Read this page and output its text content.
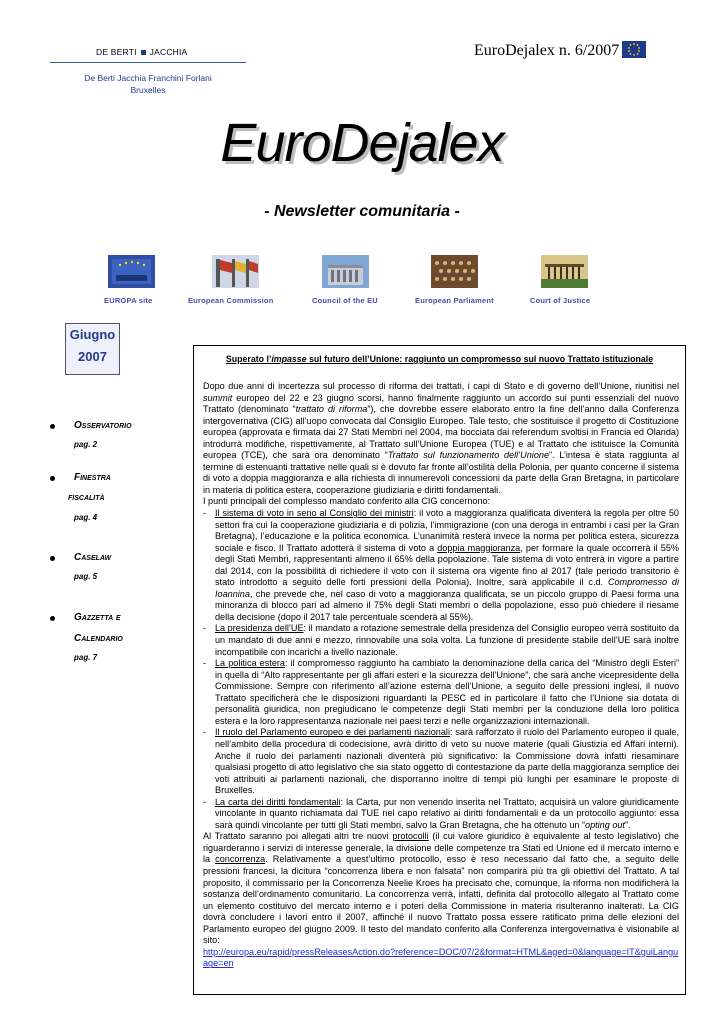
DE BERTI JACCHIA
De Berti Jacchia Franchini Forlani
Bruxelles
EuroDejalex n. 6/2007
EuroDejalex
- Newsletter comunitaria -
EUROPA site	European Commission	Council of the EU	European Parliament	Court of Justice
Giugno
2007
Osservatorio
pag. 2
Finestra
fiscalità
pag. 4
Caselaw
pag. 5
Gazzetta e
Calendario
pag. 7
Superato l’impasse sul futuro dell’Unione: raggiunto un compromesso sul nuovo Trattato istituzionale

Dopo due anni di incertezza sul processo di riforma dei trattati, i capi di Stato e di governo dell’Unione, riunitisi nel summit europeo del 22 e 23 giugno scorsi, hanno finalmente raggiunto un accordo sui punti essenziali del nuovo Trattato (denominato “trattato di riforma”), che dovrebbe essere elaborato entro la fine dell’anno dalla Conferenza intergovernativa (CIG) all’uopo convocata dal Consiglio Europeo. Tale testo, che sostituisce il progetto di Costituzione europea (approvata e firmata dai 27 Stati Membri nel 2004, ma bocciata dai referendum svoltisi in Francia ed Olanda) introdurrà modifiche, rispettivamente, al Trattato sull’Unione Europea (TUE) e al Trattato che istituisce la Comunità europea (TCE), che sarà ora denominato “Trattato sul funzionamento dell’Unione”. L’intesa è stata raggiunta al termine di estenuanti trattative nelle quali si è dovuto far fronte all’ostilità della Polonia, per quanto concerne il sistema di voto a doppia maggioranza e alla richiesta di innumerevoli concessioni da parte della Gran Bretagna, in particolare in materia di politica estera, cooperazione giudiziaria e diritti fondamentali.

I punti principali del complesso mandato conferito alla CIG concernono:

- Il sistema di voto in seno al Consiglio dei ministri: il voto a maggioranza qualificata diventerà la regola per oltre 50 settori fra cui la cooperazione giudiziaria e di polizia, l’immigrazione (con una deroga in entrambi i casi per la Gran Bretagna), l’educazione e la politica economica. L’unanimità resterà invece la norma per politica estera, sicurezza sociale e fisco. Il Trattato adotterà il sistema di voto a doppia maggioranza, per formare la quale occorrerà il 55% degli Stati Membri, rappresentanti almeno il 65% della popolazione. Tale sistema di voto entrerà in vigore a partire dal 2014, con la possibilità di richiedere il voto con il sistema ora vigente fino al 2017 (tale periodo transitorio è stato introdotto a seguito delle forti pressioni della Polonia). Inoltre, sarà applicabile il c.d. Compromesso di Ioannina, che prevede che, nel caso di voto a maggioranza qualificata, se un piccolo gruppo di Paesi forma una minoranza di blocco pari ad almeno il 75% degli Stati membri o della popolazione, esso può chiedere il riesame della decisione (dopo il 2017 tale percentuale scenderà al 55%).
- La presidenza dell’UE: il mandato a rotazione semestrale della presidenza del Consiglio europeo verrà sostituito da un mandato di due anni e mezzo, rinnovabile una sola volta. La funzione di presidente stabile dell’UE sarà inoltre incompatibile con incarichi a livello nazionale.
- La politica estera: il compromesso raggiunto ha cambiato la denominazione della carica del “Ministro degli Esteri” in quella di “Alto rappresentante per gli affari esteri e la sicurezza dell’Unione”, che sarà anche vicepresidente della Commissione. Sempre con riferimento all’azione esterna dell’Unione, a seguito delle pressioni inglesi, il nuovo Trattato specificherà che le disposizioni riguardanti la PESC ed in particolare il fatto che l’Unione sia dotata di personalità giuridica, non pregiudicano le competenze degli Stati membri per la conduzione della loro politica estera e la loro rappresentanza nazionale nei paesi terzi e nelle organizzazioni internazionali.
- Il ruolo del Parlamento europeo e dei parlamenti nazionali: sarà rafforzato il ruolo del Parlamento europeo il quale, nell’ambito della procedura di codecisione, avrà diritto di veto su nuove materie (quali Giustizia ed Affari interni). Anche il ruolo dei parlamenti nazionali diventerà più significativo: la Commissione dovrà infatti riesaminare qualsiasi progetto di atto legislativo che sia stato oggetto di contestazione da parte della maggioranza semplice dei voti attribuiti ai parlamenti nazionali, che disporranno inoltre di tempi più lunghi per esaminare le proposte di Bruxelles.
- La carta dei diritti fondamentali: la Carta, pur non venendo inserita nel Trattato, acquisirà un valore giuridicamente vincolante in quanto richiamata dal TUE nel capo relativo ai diritti fondamentali e da un protocollo aggiunto: essa sarà quindi vincolante per tutti gli Stati membri, salvo la Gran Bretagna, che ha ottenuto un “opting out”.

Al Trattato saranno poi allegati altri tre nuovi protocolli (il cui valore giuridico è equivalente al testo legislativo) che riguarderanno i servizi di interesse generale, la divisione delle competenze tra Stati ed Unione ed il mercato interno e la concorrenza. Relativamente a quest’ultimo protocollo, esso è reso necessario dal fatto che, a seguito delle pressioni francesi, la dicitura “concorrenza libera e non falsata” non comparirà più tra gli obiettivi del Trattato. A tal proposito, il commissario per la Concorrenza Neelie Kroes ha precisato che, comunque, la riforma non modificherà la sostanza dell’ordinamento comunitario. La concorrenza verrà, infatti, definita dal protocollo allegato al Trattato come un elemento costituivo del mercato interno e i poteri della Commissione in materia risulteranno inalterati. La CIG dovrà concludere i lavori entro il 2007, affinché il nuovo Trattato possa essere ratificato prima delle elezioni del Parlamento europeo del giugno 2009. Il testo del mandato conferito alla Conferenza intergovernativa è visionabile al sito:

http://europa.eu/rapid/pressReleasesAction.do?reference=DOC/07/2&format=HTML&aged=0&language=IT&guiLanguage=en
